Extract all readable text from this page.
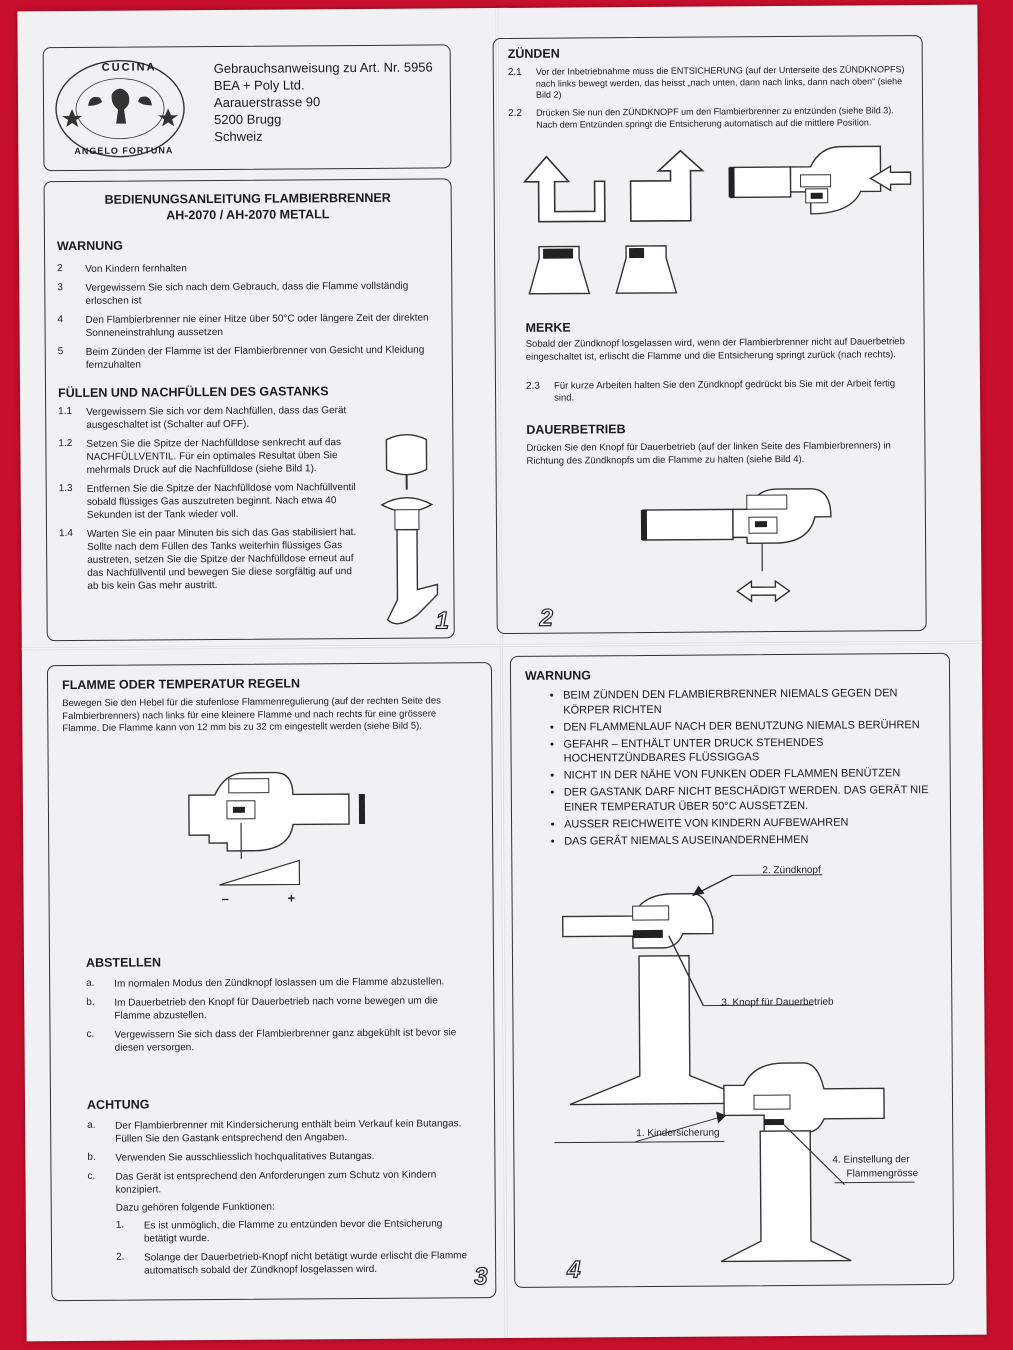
CUCINA
ANGELO FORTUNA
Gebrauchsanweisung zu Art. Nr. 5956
BEA + Poly Ltd.
Aarauerstrasse 90
5200 Brugg
Schweiz
BEDIENUNGSANLEITUNG FLAMBIERBRENNER
AH-2070 / AH-2070 METALL
WARNUNG
2	Von Kindern fernhalten
3	Vergewissern Sie sich nach dem Gebrauch, dass die Flamme vollständig erloschen ist
4	Den Flambierbrenner nie einer Hitze über 50°C oder längere Zeit der direkten Sonneneinstrahlung aussetzen
5	Beim Zünden der Flamme ist der Flambierbrenner von Gesicht und Kleidung fernzuhalten
FÜLLEN UND NACHFÜLLEN DES GASTANKS
1.1	Vergewissern Sie sich vor dem Nachfüllen, dass das Gerät ausgeschaltet ist (Schalter auf OFF).
1.2	Setzen Sie die Spitze der Nachfülldose senkrecht auf das NACHFÜLLVENTIL. Für ein optimales Resultat üben Sie mehrmals Druck auf die Nachfülldose (siehe Bild 1).
1.3	Entfernen Sie die Spitze der Nachfülldose vom Nachfüllventil sobald flüssiges Gas auszutreten beginnt. Nach etwa 40 Sekunden ist der Tank wieder voll.
1.4	Warten Sie ein paar Minuten bis sich das Gas stabilisiert hat. Sollte nach dem Füllen des Tanks weiterhin flüssiges Gas austreten, setzen Sie die Spitze der Nachfülldose erneut auf das Nachfüllventil und bewegen Sie diese sorgfältig auf und ab bis kein Gas mehr austritt.
1
ZÜNDEN
2.1	Vor der Inbetriebnahme muss die ENTSICHERUNG (auf der Unterseite des ZÜNDKNOPFS) nach links bewegt werden, das heisst „nach unten, dann nach links, dann nach oben“ (siehe Bild 2)
2.2	Drücken Sie nun den ZÜNDKNOPF um den Flambierbrenner zu entzünden (siehe Bild 3). Nach dem Entzünden springt die Entsicherung automatisch auf die mittlere Position.
MERKE
Sobald der Zündknopf losgelassen wird, wenn der Flambierbrenner nicht auf Dauerbetrieb eingeschaltet ist, erlischt die Flamme und die Entsicherung springt zurück (nach rechts).
2.3	Für kurze Arbeiten halten Sie den Zündknopf gedrückt bis Sie mit der Arbeit fertig sind.
DAUERBETRIEB
Drücken Sie den Knopf für Dauerbetrieb (auf der linken Seite des Flambierbrenners) in Richtung des Zündknopfs um die Flamme zu halten (siehe Bild 4).
2
FLAMME ODER TEMPERATUR REGELN
Bewegen Sie den Hebel für die stufenlose Flammenregulierung (auf der rechten Seite des Falmbierbrenners) nach links für eine kleinere Flamme und nach rechts für eine grössere Flamme. Die Flamme kann von 12 mm bis zu 32 cm eingestellt werden (siehe Bild 5).
–	+
ABSTELLEN
a.	Im normalen Modus den Zündknopf loslassen um die Flamme abzustellen.
b.	Im Dauerbetrieb den Knopf für Dauerbetrieb nach vorne bewegen um die Flamme abzustellen.
c.	Vergewissern Sie sich dass der Flambierbrenner ganz abgekühlt ist bevor sie diesen versorgen.
ACHTUNG
a.	Der Flambierbrenner mit Kindersicherung enthält beim Verkauf kein Butangas. Füllen Sie den Gastank entsprechend den Angaben.
b.	Verwenden Sie ausschliesslich hochqualitatives Butangas.
c.	Das Gerät ist entsprechend den Anforderungen zum Schutz von Kindern konzipiert.
Dazu gehören folgende Funktionen:
1.	Es ist unmöglich, die Flamme zu entzünden bevor die Entsicherung betätigt wurde.
2.	Solange der Dauerbetrieb-Knopf nicht betätigt wurde erlischt die Flamme automatisch sobald der Zündknopf losgelassen wird.	3
WARNUNG
• BEIM ZÜNDEN DEN FLAMBIERBRENNER NIEMALS GEGEN DEN KÖRPER RICHTEN
• DEN FLAMMENLAUF NACH DER BENUTZUNG NIEMALS BERÜHREN
• GEFAHR – ENTHÄLT UNTER DRUCK STEHENDES HOCHENTZÜNDBARES FLÜSSIGGAS
• NICHT IN DER NÄHE VON FUNKEN ODER FLAMMEN BENÜTZEN
• DER GASTANK DARF NICHT BESCHÄDIGT WERDEN. DAS GERÄT NIE EINER TEMPERATUR ÜBER 50°C AUSSETZEN.
• AUSSER REICHWEITE VON KINDERN AUFBEWAHREN
• DAS GERÄT NIEMALS AUSEINANDERNEHMEN
2. Zündknopf
3. Knopf für Dauerbetrieb
1. Kindersicherung
4. Einstellung der
Flammengrösse
4
